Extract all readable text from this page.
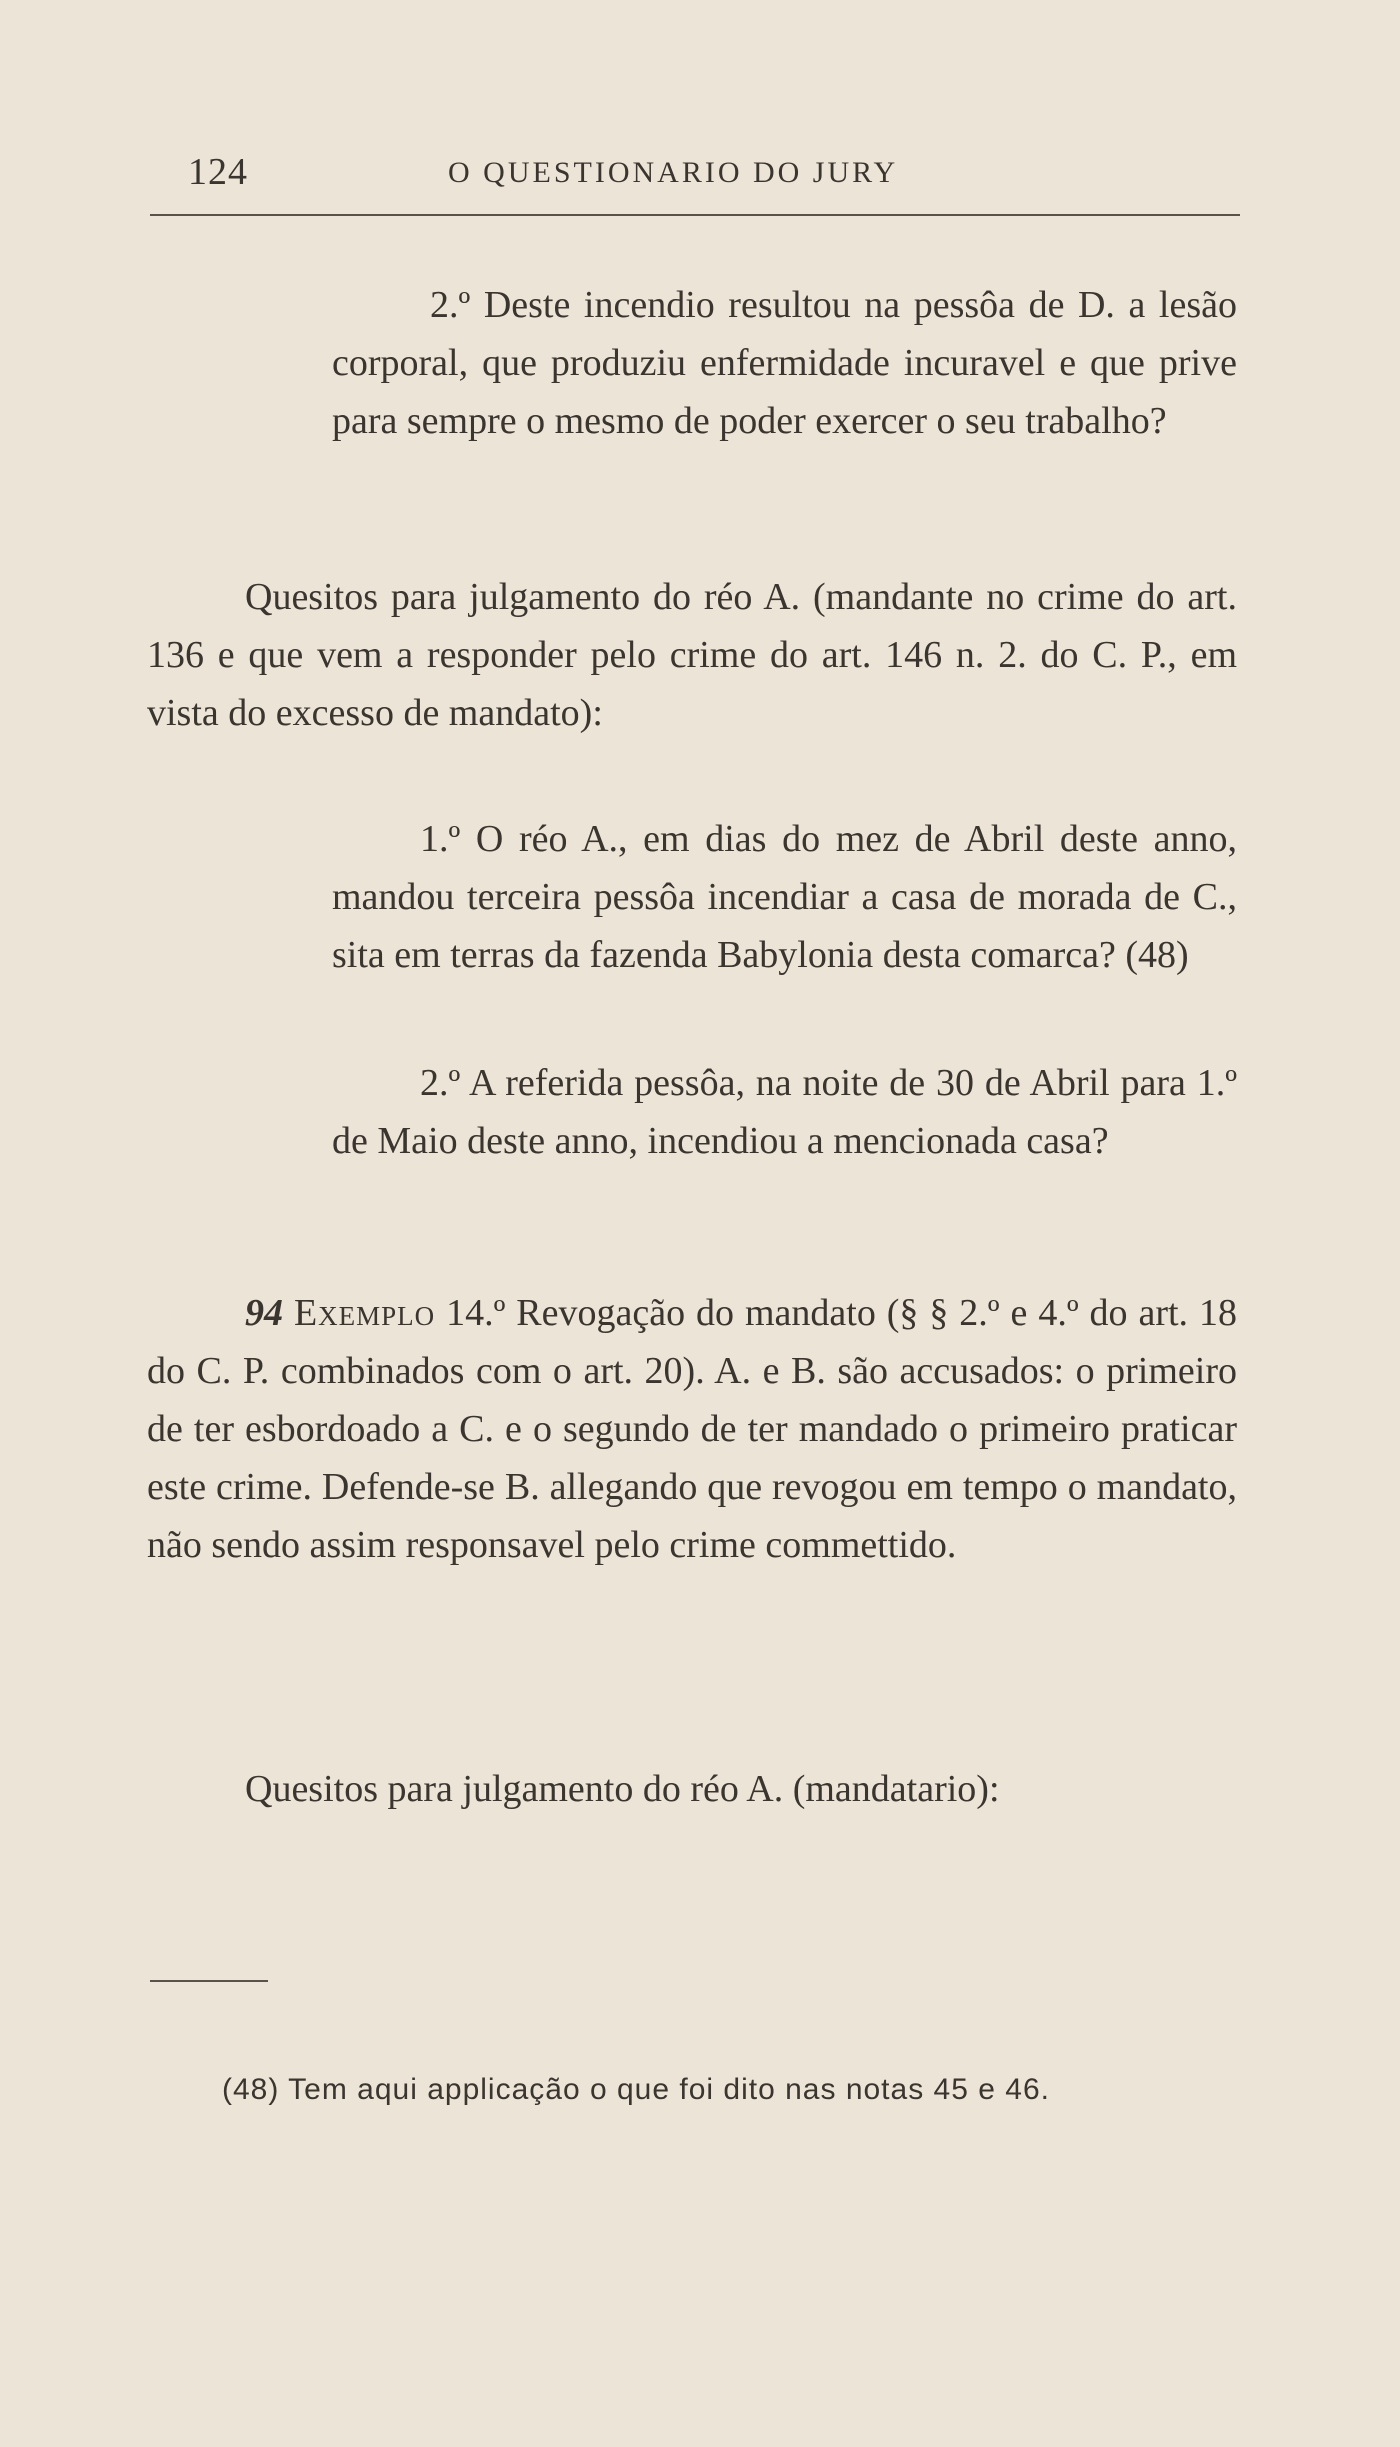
124	O QUESTIONARIO DO JURY

2.º Deste incendio resultou na pessôa de D. a lesão corporal, que produziu enfermidade incuravel e que prive para sempre o mesmo de poder exercer o seu trabalho?

Quesitos para julgamento do réo A. (mandante no crime do art. 136 e que vem a responder pelo crime do art. 146 n. 2. do C. P., em vista do excesso de mandato):

1.º O réo A., em dias do mez de Abril deste anno, mandou terceira pessôa incendiar a casa de morada de C., sita em terras da fazenda Babylonia desta comarca? (48)

2.º A referida pessôa, na noite de 30 de Abril para 1.º de Maio deste anno, incendiou a mencionada casa?

94 Exemplo 14.º Revogação do mandato (§ § 2.º e 4.º do art. 18 do C. P. combinados com o art. 20). A. e B. são accusados: o primeiro de ter esbordoado a C. e o segundo de ter mandado o primeiro praticar este crime. Defende-se B. allegando que revogou em tempo o mandato, não sendo assim responsavel pelo crime commettido.

Quesitos para julgamento do réo A. (mandatario):

(48) Tem aqui applicação o que foi dito nas notas 45 e 46.
